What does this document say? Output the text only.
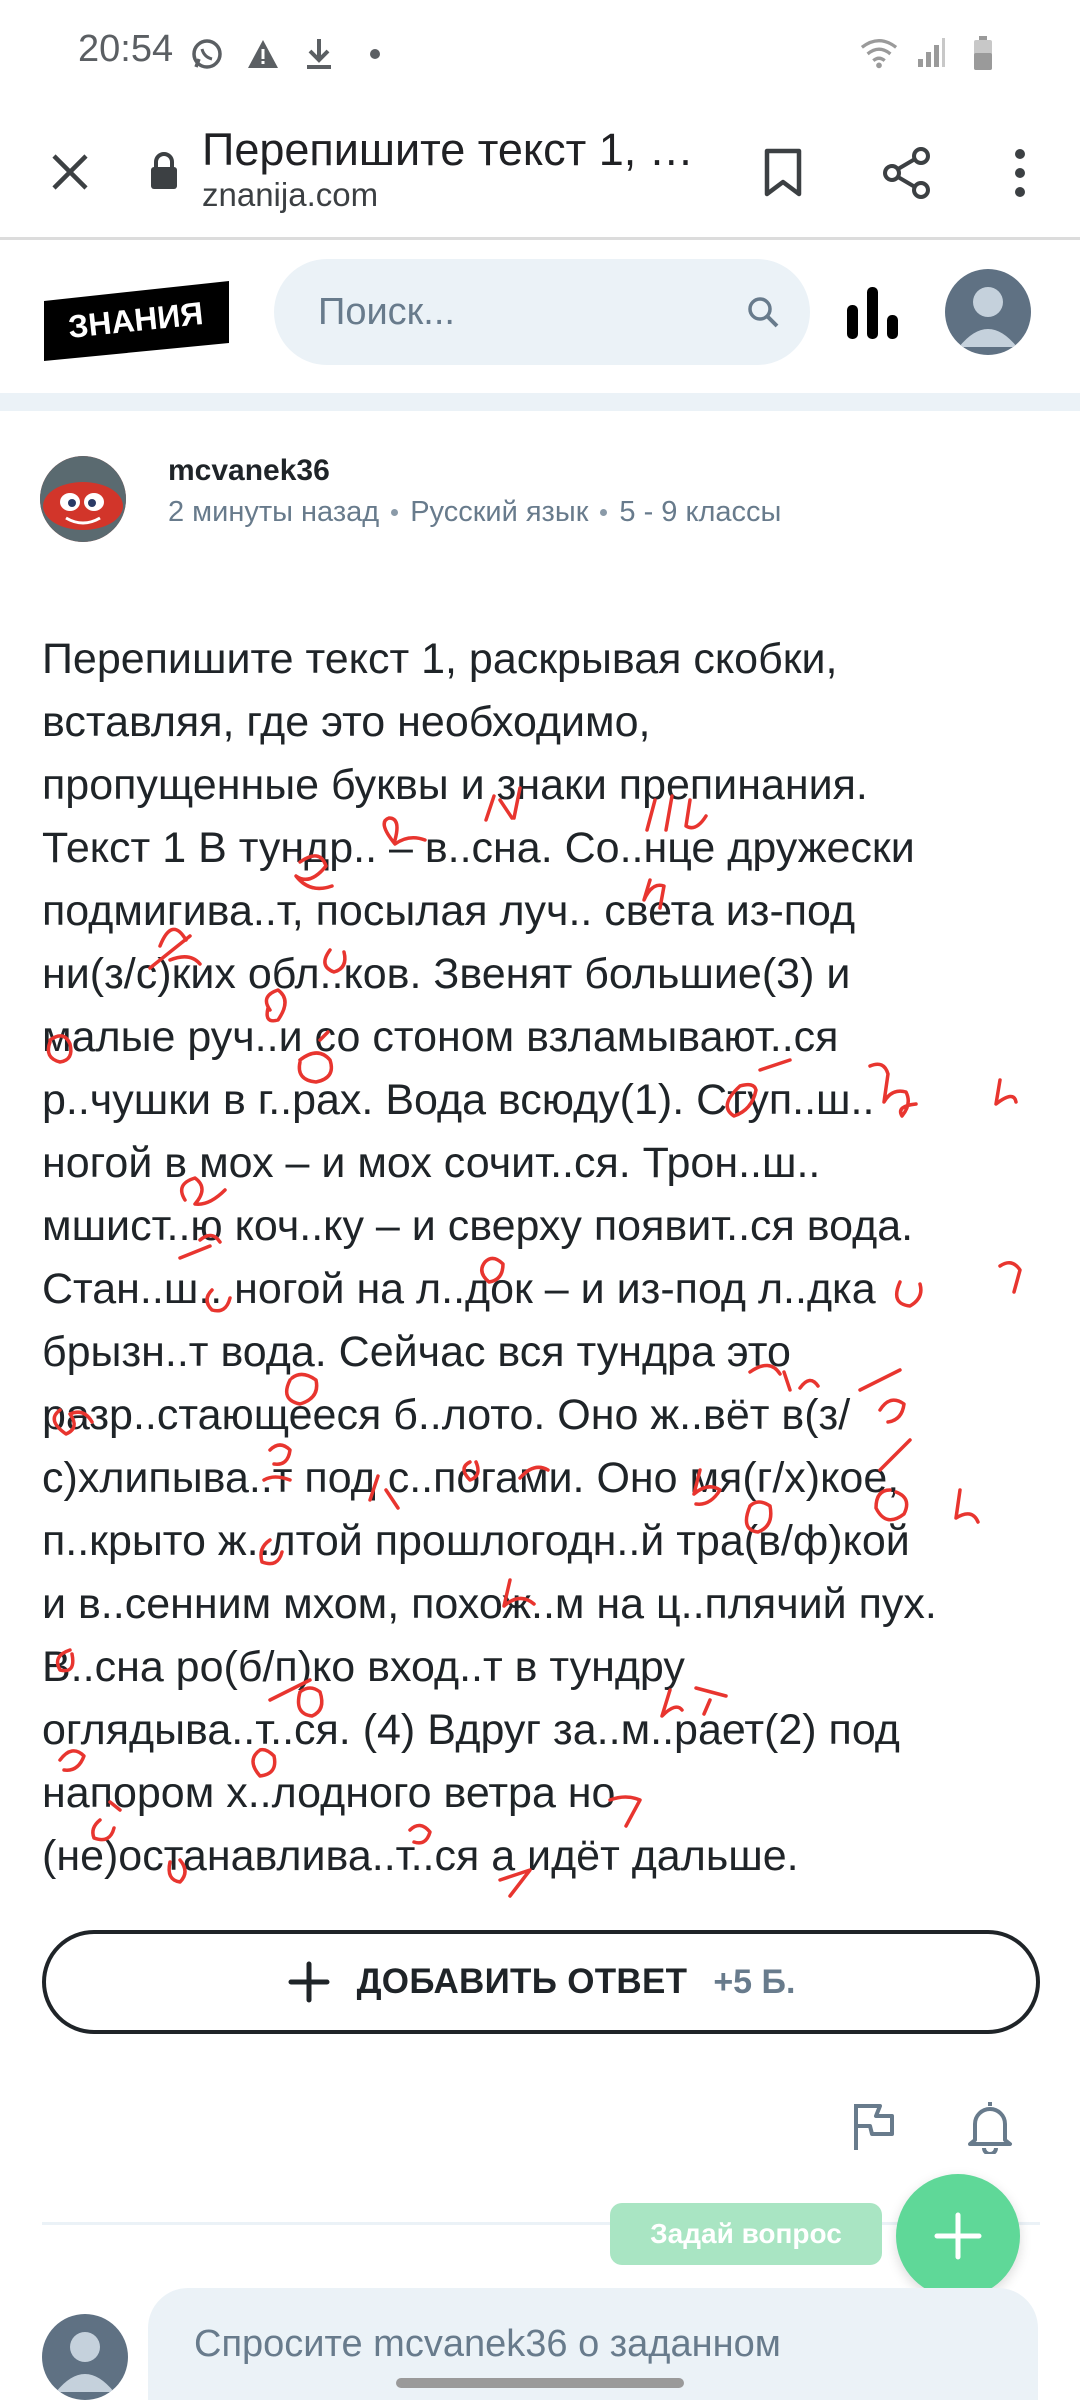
20:54
Перепишите текст 1, …
znanija.com
ЗНАНИЯ
Поиск...
mcvanek36
2 минуты назад Русский язык 5 - 9 классы

Перепишите текст 1, раскрывая скобки,

вставляя, где это необходимо,

пропущенные буквы и знаки препинания.

Текст 1 В тундр.. – в..сна. Со..нце дружески

подмигива..т, посылая луч.. света из-под

ни(з/с)ких обл..ков. Звенят большие(3) и

малые руч..и со стоном взламывают..ся

р..чушки в г..рах. Вода всюду(1). Ступ..ш..

ногой в мох – и мох сочит..ся. Трон..ш..

мшист..ю коч..ку – и сверху появит..ся вода.

Стан..ш.. ногой на л..док – и из-под л..дка

брызн..т вода. Сейчас вся тундра это

разр..стающееся б..лото. Оно ж..вёт в(з/

с)хлипыва..т под с..погами. Оно мя(г/х)кое,

п..крыто ж..лтой прошлогодн..й тра(в/ф)кой

и в..сенним мхом, похож..м на ц..плячий пух.

В..сна ро(б/п)ко вход..т в тундру

оглядыва..т..ся. (4) Вдруг за..м..рает(2) под

напором х..лодного ветра но

(не)останавлива..т..ся а идёт дальше.

ДОБАВИТЬ ОТВЕТ +5 Б.
Задай вопрос
Спросите mcvanek36 о заданном
